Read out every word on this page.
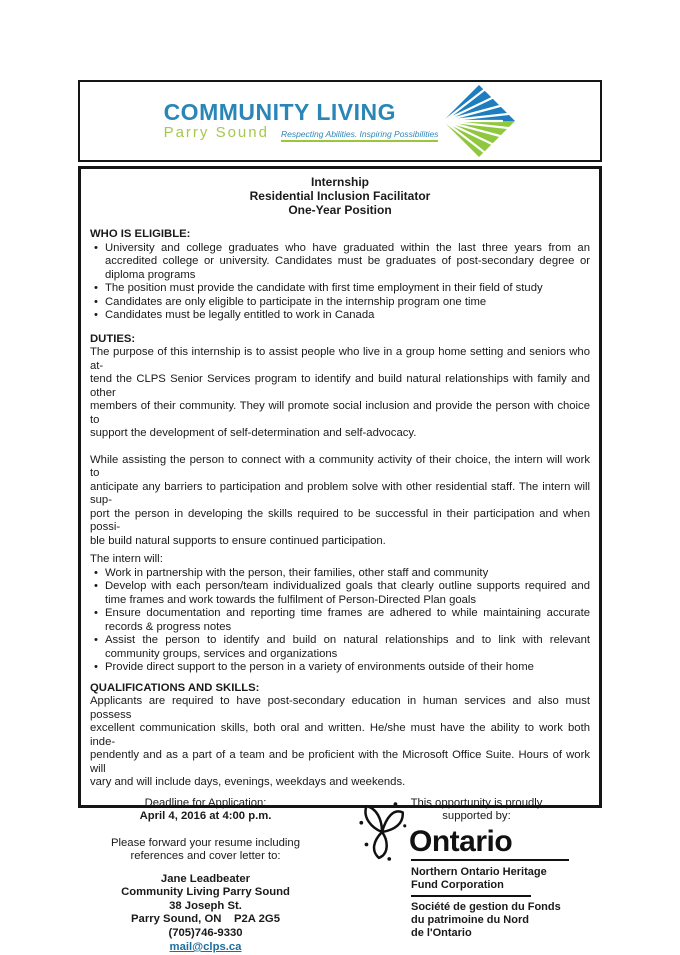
COMMUNITY LIVING
Parry Sound Respecting Abilities. Inspiring Possibilities
Internship
Residential Inclusion Facilitator
One-Year Position
WHO IS ELIGIBLE:
• University and college graduates who have graduated within the last three years from an accredited college or university. Candidates must be graduates of post-secondary degree or diploma programs
• The position must provide the candidate with first time employment in their field of study
• Candidates are only eligible to participate in the internship program one time
• Candidates must be legally entitled to work in Canada
DUTIES:
The purpose of this internship is to assist people who live in a group home setting and seniors who at-
tend the CLPS Senior Services program to identify and build natural relationships with family and other
members of their community. They will promote social inclusion and provide the person with choice to
support the development of self-determination and self-advocacy.
While assisting the person to connect with a community activity of their choice, the intern will work to
anticipate any barriers to participation and problem solve with other residential staff. The intern will sup-
port the person in developing the skills required to be successful in their participation and when possi-
ble build natural supports to ensure continued participation.
The intern will:
• Work in partnership with the person, their families, other staff and community
• Develop with each person/team individualized goals that clearly outline supports required and time frames and work towards the fulfilment of Person-Directed Plan goals
• Ensure documentation and reporting time frames are adhered to while maintaining accurate records & progress notes
• Assist the person to identify and build on natural relationships and to link with relevant community groups, services and organizations
• Provide direct support to the person in a variety of environments outside of their home
QUALIFICATIONS AND SKILLS:
Applicants are required to have post-secondary education in human services and also must possess
excellent communication skills, both oral and written. He/she must have the ability to work both inde-
pendently and as a part of a team and be proficient with the Microsoft Office Suite. Hours of work will
vary and will include days, evenings, weekdays and weekends.
Deadline for Application:
April 4, 2016 at 4:00 p.m.
Please forward your resume including
references and cover letter to:
Jane Leadbeater
Community Living Parry Sound
38 Joseph St.
Parry Sound, ON    P2A 2G5
(705)746-9330
mail@clps.ca
This opportunity is proudly
supported by:
Ontario
Northern Ontario Heritage
Fund Corporation
Société de gestion du Fonds
du patrimoine du Nord
de l'Ontario
